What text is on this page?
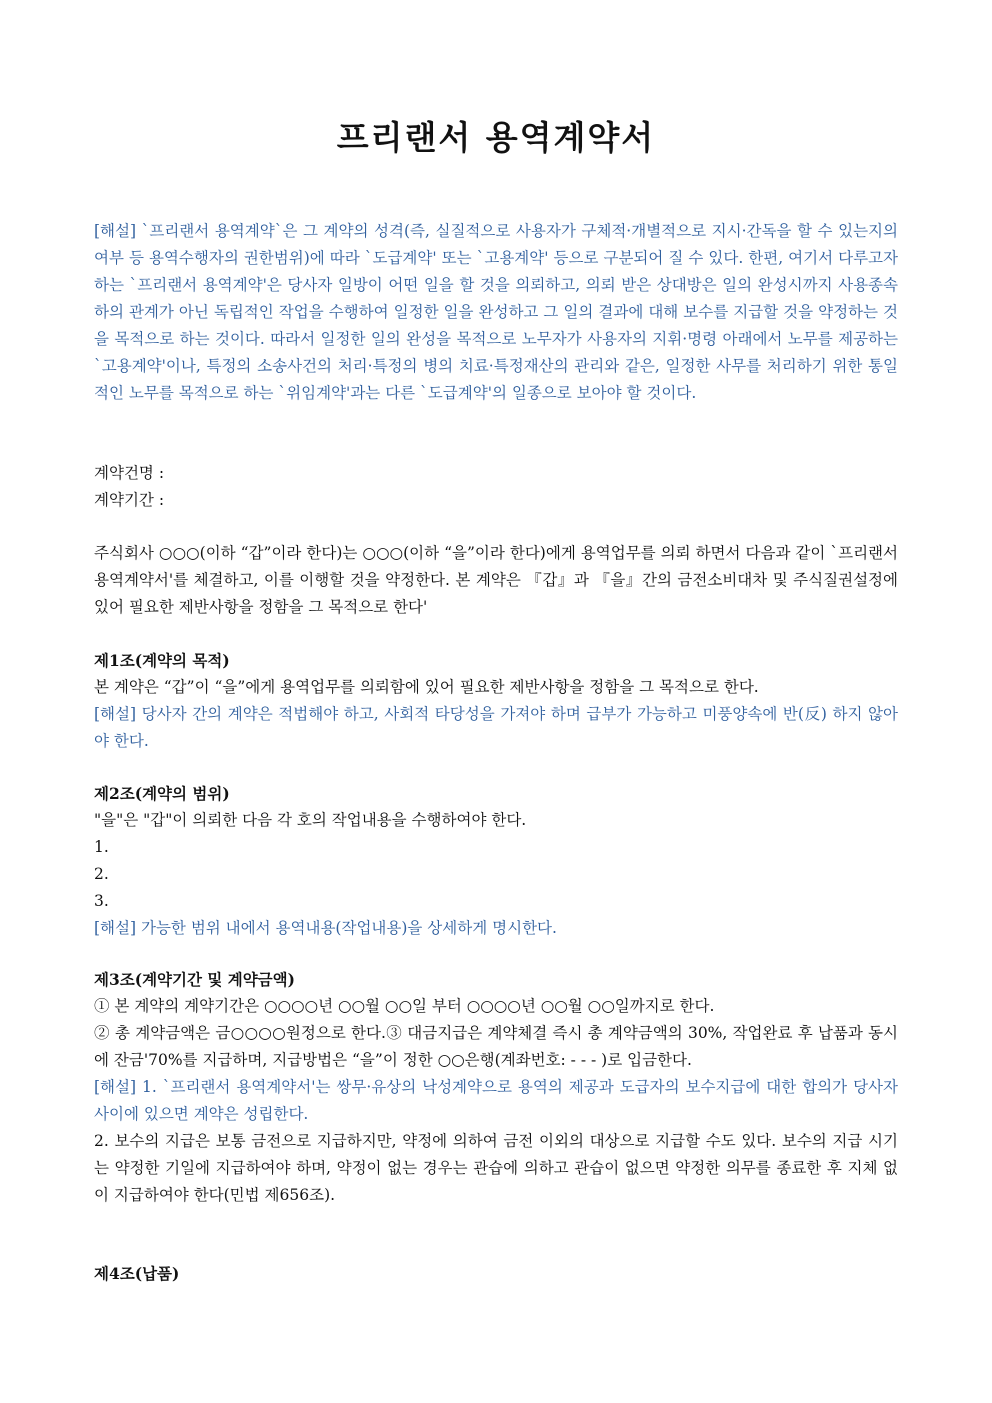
프리랜서 용역계약서

[해설] `프리랜서 용역계약`은 그 계약의 성격(즉, 실질적으로 사용자가 구체적·개별적으로 지시·간독을 할 수 있는지의 여부 등 용역수행자의 권한범위)에 따라 `도급계약' 또는 `고용계약' 등으로 구분되어 질 수 있다. 한편, 여기서 다루고자 하는 `프리랜서 용역계약'은 당사자 일방이 어떤 일을 할 것을 의뢰하고, 의뢰 받은 상대방은 일의 완성시까지 사용종속하의 관계가 아닌 독립적인 작업을 수행하여 일정한 일을 완성하고 그 일의 결과에 대해 보수를 지급할 것을 약정하는 것을 목적으로 하는 것이다. 따라서 일정한 일의 완성을 목적으로 노무자가 사용자의 지휘·명령 아래에서 노무를 제공하는 `고용계약'이나, 특정의 소송사건의 처리·특정의 병의 치료·특정재산의 관리와 같은, 일정한 사무를 처리하기 위한 통일적인 노무를 목적으로 하는 `위임계약'과는 다른 `도급계약'의 일종으로 보아야 할 것이다.

계약건명 :
계약기간 :

주식회사 ○○○(이하 “갑”이라 한다)는 ○○○(이하 “을”이라 한다)에게 용역업무를 의뢰 하면서 다음과 같이 `프리랜서 용역계약서'를 체결하고, 이를 이행할 것을 약정한다. 본 계약은 『갑』과 『을』간의 금전소비대차 및 주식질권설정에 있어 필요한 제반사항을 정함을 그 목적으로 한다'

제1조(계약의 목적)
본 계약은 “갑”이 “을”에게 용역업무를 의뢰함에 있어 필요한 제반사항을 정함을 그 목적으로 한다.
[해설] 당사자 간의 계약은 적법해야 하고, 사회적 타당성을 가져야 하며 급부가 가능하고 미풍양속에 반(反) 하지 않아야 한다.
제2조(계약의 범위)
"을"은 "갑"이 의뢰한 다음 각 호의 작업내용을 수행하여야 한다.
1.
2.
3.
[해설] 가능한 범위 내에서 용역내용(작업내용)을 상세하게 명시한다.
제3조(계약기간 및 계약금액)
① 본 계약의 계약기간은 ○○○○년 ○○월 ○○일 부터 ○○○○년 ○○월 ○○일까지로 한다.
② 총 계약금액은 금○○○○원정으로 한다.③ 대금지급은 계약체결 즉시 총 계약금액의 30%, 작업완료 후 납품과 동시에 잔금'70%를 지급하며, 지급방법은 “을”이 정한 ○○은행(계좌번호: - - - )로 입금한다.
[해설] 1. `프리랜서 용역계약서'는 쌍무·유상의 낙성계약으로 용역의 제공과 도급자의 보수지급에 대한 합의가 당사자 사이에 있으면 계약은 성립한다.
2. 보수의 지급은 보통 금전으로 지급하지만, 약정에 의하여 금전 이외의 대상으로 지급할 수도 있다. 보수의 지급 시기는 약정한 기일에 지급하여야 하며, 약정이 없는 경우는 관습에 의하고 관습이 없으면 약정한 의무를 종료한 후 지체 없이 지급하여야 한다(민법 제656조).
제4조(납품)
